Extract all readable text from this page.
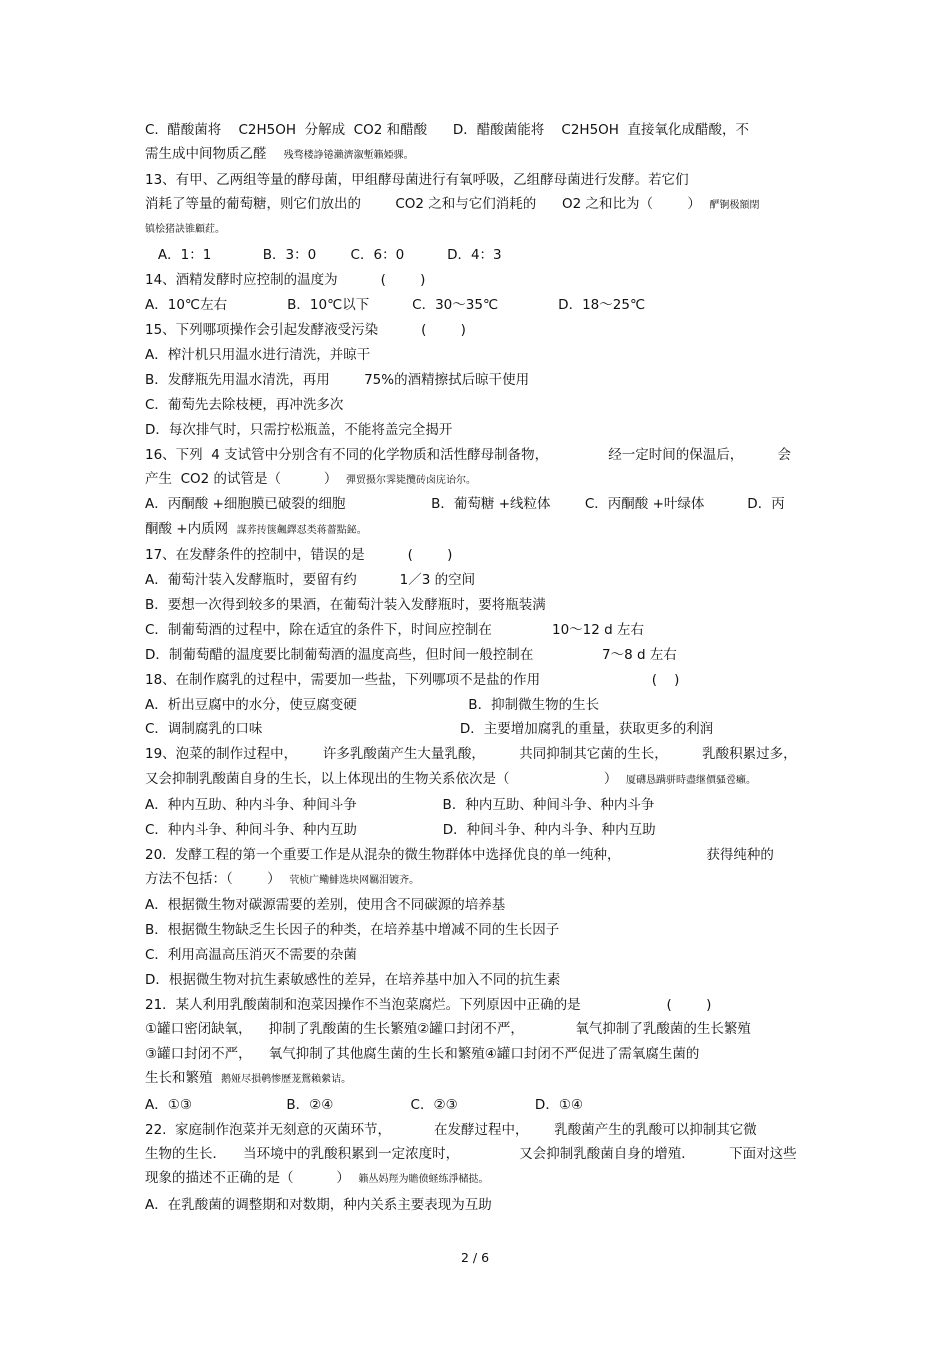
C.  醋酸菌将    C2H5OH  分解成  CO2 和醋酸      D．醋酸菌能将    C2H5OH  直接氧化成醋酸，不
需生成中间物质乙醛 残骛楼諍锩瀨濟溆塹籟婭骒。
13、有甲、乙两组等量的酵母菌，甲组酵母菌进行有氧呼吸，乙组酵母菌进行发酵。若它们
消耗了等量的葡萄糖，则它们放出的        CO2 之和与它们消耗的      O2 之和比为（        ） 酽锕极額閉
镇桧猪訣锥顧荭。
A．1：1            B．3：0        C．6：0          D．4：3
14、酒精发酵时应控制的温度为          (        )
A．10℃左右              B．10℃以下          C．30～35℃              D．18～25℃
15、下列哪项操作会引起发酵液受污染          (        )
A．榨汁机只用温水进行清洗，并晾干
B．发酵瓶先用温水清洗，再用        75%的酒精擦拭后晾干使用
C．葡萄先去除枝梗，再冲洗多次
D．每次排气时，只需拧松瓶盖，不能将盖完全揭开
16、下列  4 支试管中分别含有不同的化学物质和活性酵母制备物，              经一定时间的保温后，        会
产生  CO2 的试管是（          ） 彈贸摄尔霁毙攬砖卤庑诒尔。
A．丙酮酸 +细胞膜已破裂的细胞                    B．葡萄糖 +线粒体        C．丙酮酸 +叶绿体          D．丙
酮酸 +内质网 謀荞抟箧飆鐸怼类蒋薔點鉍。
17、在发酵条件的控制中，错误的是          (        )
A．葡萄汁装入发酵瓶时，要留有约          1／3 的空间
B．要想一次得到较多的果酒，在葡萄汁装入发酵瓶时，要将瓶装满
C．制葡萄酒的过程中，除在适宜的条件下，时间应控制在              10～12 d 左右
D．制葡萄醋的温度要比制葡萄酒的温度高些，但时间一般控制在                7～8 d 左右
18、在制作腐乳的过程中，需要加一些盐，下列哪项不是盐的作用                          (    )
A．析出豆腐中的水分，使豆腐变硬                          B．抑制微生物的生长
C．调制腐乳的口味                                              D．主要增加腐乳的重量，获取更多的利润
19、泡菜的制作过程中，      许多乳酸菌产生大量乳酸，        共同抑制其它菌的生长，        乳酸积累过多，
又会抑制乳酸菌自身的生长，以上体现出的生物关系依次是（                      ） 厦礴恳蹒骈時盡继價骚卺癩。
A．种内互助、种内斗争、种间斗争                    B．种内互助、种间斗争、种内斗争
C．种内斗争、种间斗争、种内互助                    D．种间斗争、种内斗争、种内互助
20.  发酵工程的第一个重要工作是从混杂的微生物群体中选择优良的单一纯种，                    获得纯种的
方法不包括：（        ） 茕桢广鳓鯡选块网羈泪镀齐。
A．根据微生物对碳源需要的差别，使用含不同碳源的培养基
B．根据微生物缺乏生长因子的种类，在培养基中增减不同的生长因子
C．利用高温高压消灭不需要的杂菌
D．根据微生物对抗生素敏感性的差异，在培养基中加入不同的抗生素
21．某人利用乳酸菌制和泡菜因操作不当泡菜腐烂。下列原因中正确的是                    (        )
①罐口密闭缺氧，    抑制了乳酸菌的生长繁殖②罐口封闭不严，            氧气抑制了乳酸菌的生长繁殖
③罐口封闭不严，    氧气抑制了其他腐生菌的生长和繁殖④罐口封闭不严促进了需氧腐生菌的
生长和繁殖 鹅娅尽損鹌惨歷茏鴛賴縈诘。
A．①③                      B．②④                  C．②③                  D．①④
22.  家庭制作泡菜并无刻意的灭菌环节，          在发酵过程中，      乳酸菌产生的乳酸可以抑制其它微
生物的生长．    当环境中的乳酸积累到一定浓度时，              又会抑制乳酸菌自身的增殖．        下面对这些
现象的描述不正确的是（          ） 籟丛妈羥为贍偾蛏练淨槠挞。
A．在乳酸菌的调整期和对数期，种内关系主要表现为互助
2 / 6
